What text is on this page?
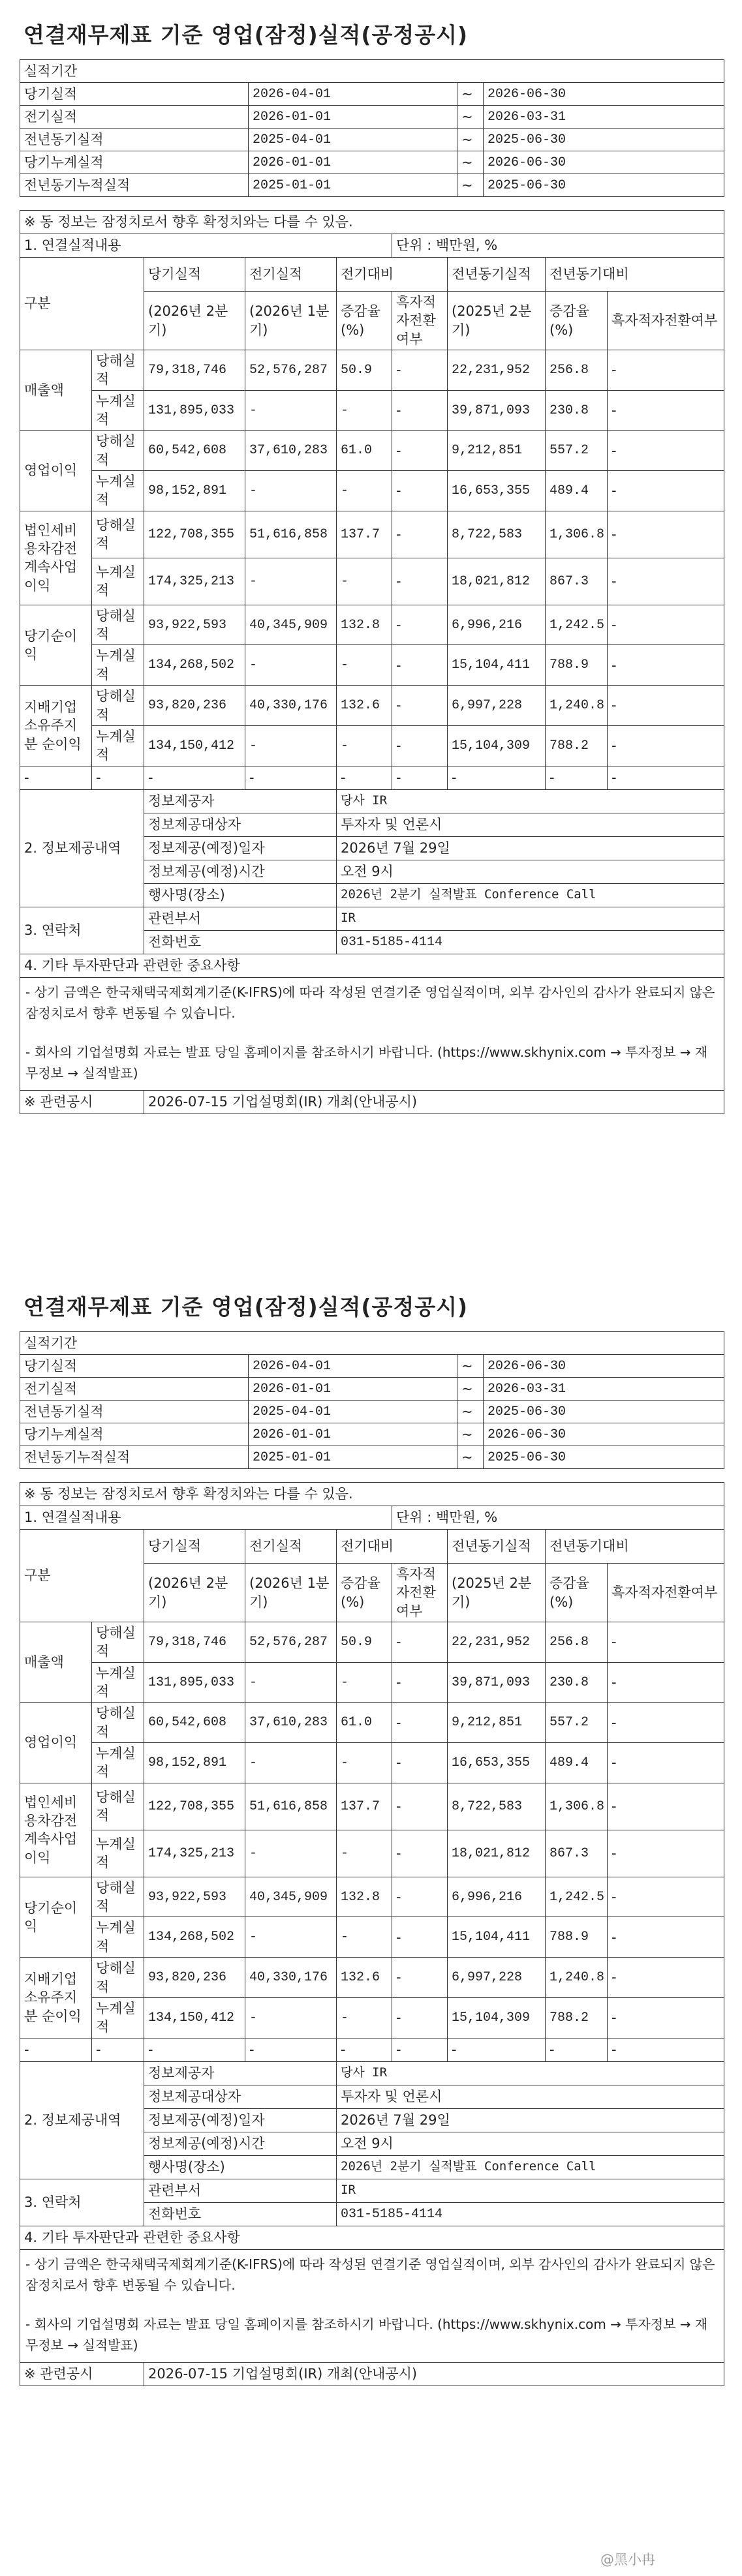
연결재무제표 기준 영업(잠정)실적(공정공시)
실적기간			
당기실적	2026-04-01	~	2026-06-30
전기실적	2026-01-01	~	2026-03-31
전년동기실적	2025-04-01	~	2025-06-30
당기누계실적	2026-01-01	~	2026-06-30
전년동기누적실적	2025-01-01	~	2025-06-30
※ 동 정보는 잠정치로서 향후 확정치와는 다를 수 있음.								
1. 연결실적내용					단위 : 백만원, %			
구분		당기실적	전기실적	전기대비		전년동기실적	전년동기대비	
		(2026년 2분기)	(2026년 1분기)	증감율(%)	흑자적자전환여부	(2025년 2분기)	증감율(%)	흑자적자전환여부

매출액	당해실적	79,318,746	52,576,287	50.9	-	22,231,952	256.8	-
	누계실적	131,895,033	-	-	-	39,871,093	230.8	-
영업이익	당해실적	60,542,608	37,610,283	61.0	-	9,212,851	557.2	-
	누계실적	98,152,891	-	-	-	16,653,355	489.4	-
법인세비용차감전계속사업이익	당해실적	122,708,355	51,616,858	137.7	-	8,722,583	1,306.8	-
	누계실적	174,325,213	-	-	-	18,021,812	867.3	-
당기순이익	당해실적	93,922,593	40,345,909	132.8	-	6,996,216	1,242.5	-
	누계실적	134,268,502	-	-	-	15,104,411	788.9	-
지배기업 소유주지분 순이익	당해실적	93,820,236	40,330,176	132.6	-	6,997,228	1,240.8	-
	누계실적	134,150,412	-	-	-	15,104,309	788.2	-
-	-	-	-	-	-	-	-	-
2. 정보제공내역		정보제공자		당사 IR				
		정보제공대상자		투자자 및 언론시				
		정보제공(예정)일자		2026년 7월 29일				
		정보제공(예정)시간		오전 9시				
		행사명(장소)		2026년 2분기 실적발표 Conference Call				
3. 연락처		관련부서		IR				
		전화번호		031-5185-4114				
4. 기타 투자판단과 관련한 중요사항								

- 상기 금액은 한국채택국제회계기준(K-IFRS)에 따라 작성된 연결기준 영업실적이며, 외부 감사인의 감사가 완료되지 않은 잠정치로서 향후 변동될 수 있습니다.
- 회사의 기업설명회 자료는 발표 당일 홈페이지를 참조하시기 바랍니다. (https://www.skhynix.com → 투자정보 → 재무정보 → 실적발표)								

※ 관련공시		2026-07-15 기업설명회(IR) 개최(안내공시)						
연결재무제표 기준 영업(잠정)실적(공정공시)
실적기간			
당기실적	2026-04-01	~	2026-06-30
전기실적	2026-01-01	~	2026-03-31
전년동기실적	2025-04-01	~	2025-06-30
당기누계실적	2026-01-01	~	2026-06-30
전년동기누적실적	2025-01-01	~	2025-06-30
※ 동 정보는 잠정치로서 향후 확정치와는 다를 수 있음.								
1. 연결실적내용					단위 : 백만원, %			
구분		당기실적	전기실적	전기대비		전년동기실적	전년동기대비	
		(2026년 2분기)	(2026년 1분기)	증감율(%)	흑자적자전환여부	(2025년 2분기)	증감율(%)	흑자적자전환여부

매출액	당해실적	79,318,746	52,576,287	50.9	-	22,231,952	256.8	-
	누계실적	131,895,033	-	-	-	39,871,093	230.8	-
영업이익	당해실적	60,542,608	37,610,283	61.0	-	9,212,851	557.2	-
	누계실적	98,152,891	-	-	-	16,653,355	489.4	-
법인세비용차감전계속사업이익	당해실적	122,708,355	51,616,858	137.7	-	8,722,583	1,306.8	-
	누계실적	174,325,213	-	-	-	18,021,812	867.3	-
당기순이익	당해실적	93,922,593	40,345,909	132.8	-	6,996,216	1,242.5	-
	누계실적	134,268,502	-	-	-	15,104,411	788.9	-
지배기업 소유주지분 순이익	당해실적	93,820,236	40,330,176	132.6	-	6,997,228	1,240.8	-
	누계실적	134,150,412	-	-	-	15,104,309	788.2	-
-	-	-	-	-	-	-	-	-
2. 정보제공내역		정보제공자		당사 IR				
		정보제공대상자		투자자 및 언론시				
		정보제공(예정)일자		2026년 7월 29일				
		정보제공(예정)시간		오전 9시				
		행사명(장소)		2026년 2분기 실적발표 Conference Call				
3. 연락처		관련부서		IR				
		전화번호		031-5185-4114				
4. 기타 투자판단과 관련한 중요사항								

- 상기 금액은 한국채택국제회계기준(K-IFRS)에 따라 작성된 연결기준 영업실적이며, 외부 감사인의 감사가 완료되지 않은 잠정치로서 향후 변동될 수 있습니다.
- 회사의 기업설명회 자료는 발표 당일 홈페이지를 참조하시기 바랍니다. (https://www.skhynix.com → 투자정보 → 재무정보 → 실적발표)								

※ 관련공시		2026-07-15 기업설명회(IR) 개최(안내공시)						
@黑小冉
